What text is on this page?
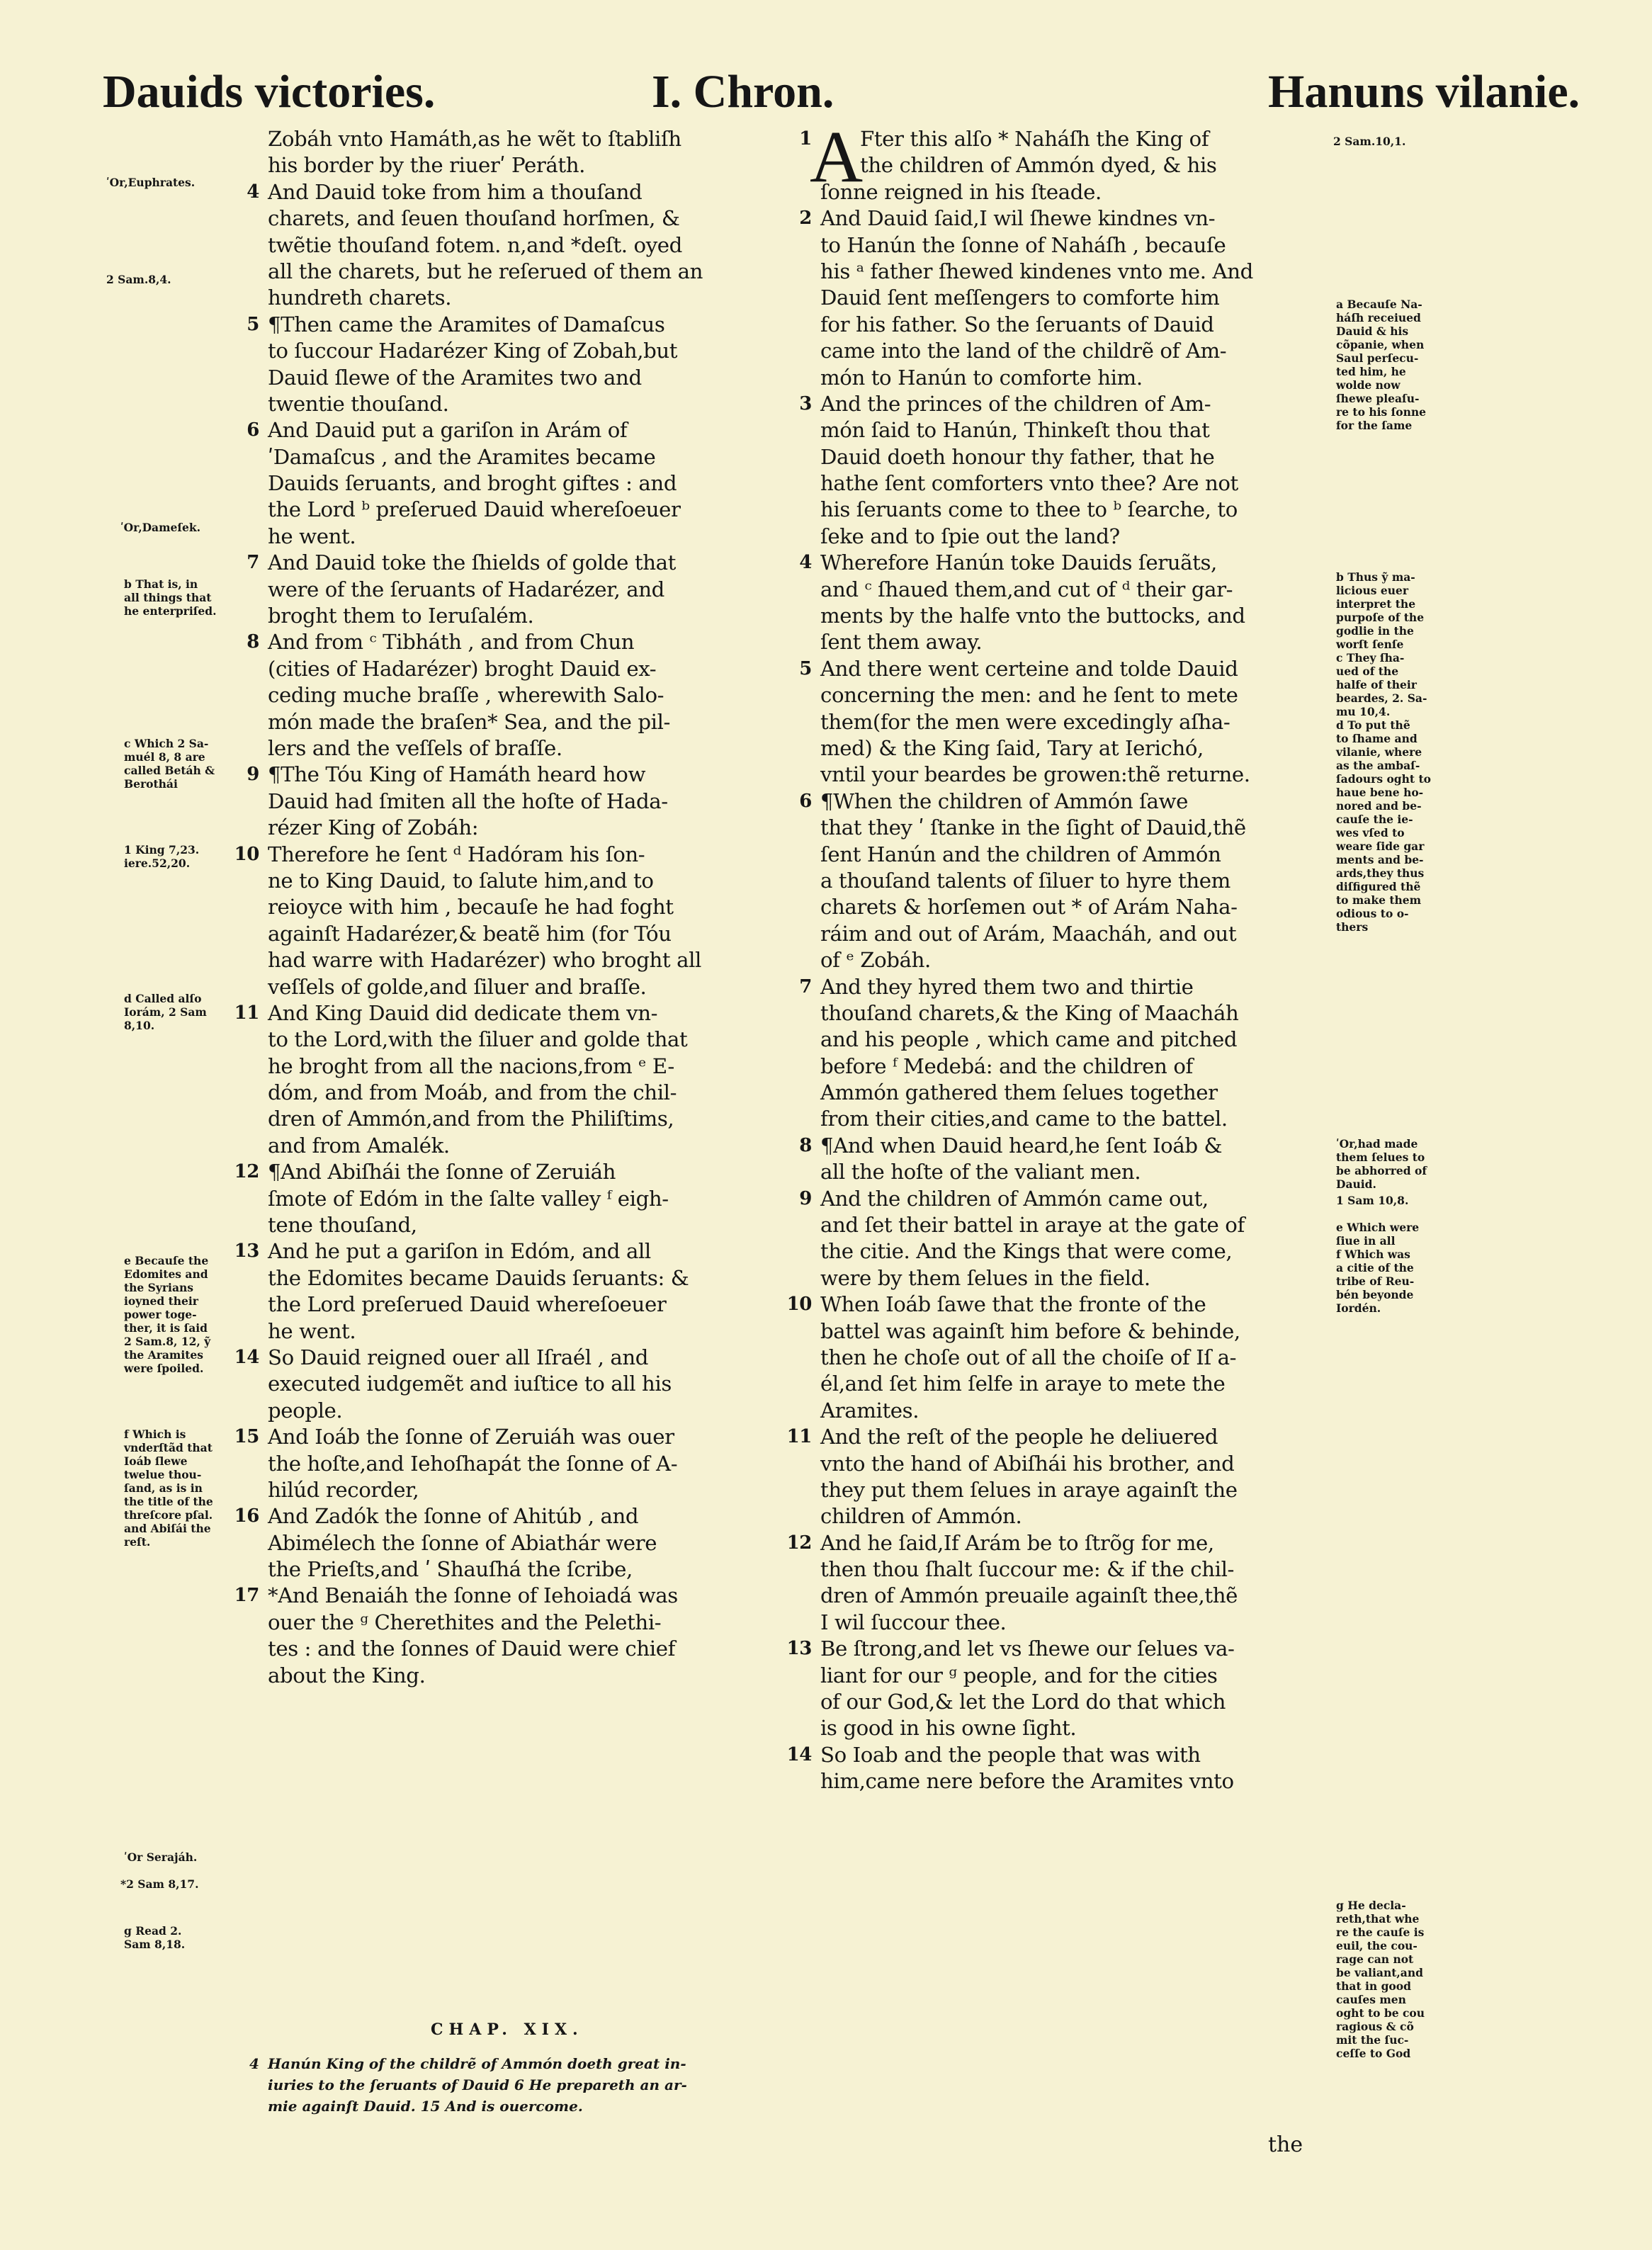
Dauids victories.	I. Chron.	Hanuns vilanie.
Zobáh vnto Hamáth,as he wẽt to ſtabliſh
his border by the riuerʹ Peráth.
4 And Dauid toke from him a thouſand
charets, and ſeuen thouſand horſmen, &
twẽtie thouſand fotem. n,and *deſt. oyed
all the charets, but he reſerued of them an
hundreth charets.
5 ¶Then came the Aramites of Damaſcus
to ſuccour Hadarézer King of Zobah,but
Dauid ſlewe of the Aramites two and
twentie thouſand.
6 And Dauid put a gariſon in Arám of
ʹDamaſcus , and the Aramites became
Dauids ſeruants, and broght giftes : and
the Lord ᵇ preſerued Dauid whereſoeuer
he went.
7 And Dauid toke the ſhields of golde that
were of the ſeruants of Hadarézer, and
broght them to Ieruſalém.
8 And from ᶜ Tibháth , and from Chun
(cities of Hadarézer) broght Dauid ex-
ceding muche braſſe , wherewith Salo-
món made the braſen* Sea, and the pil-
lers and the veſſels of braſſe.
9 ¶The Tóu King of Hamáth heard how
Dauid had ſmiten all the hoſte of Hada-
rézer King of Zobáh:
10 Therefore he ſent ᵈ Hadóram his ſon-
ne to King Dauid, to ſalute him,and to
reioyce with him , becauſe he had foght
againſt Hadarézer,& beatẽ him (for Tóu
had warre with Hadarézer) who broght all
veſſels of golde,and ſiluer and braſſe.
11 And King Dauid did dedicate them vn-
to the Lord,with the ſiluer and golde that
he broght from all the nacions,from ᵉ E-
dóm, and from Moáb, and from the chil-
dren of Ammón,and from the Philiſtims,
and from Amalék.
12 ¶And Abiſhái the ſonne of Zeruiáh
ſmote of Edóm in the ſalte valley ᶠ eigh-
tene thouſand,
13 And he put a gariſon in Edóm, and all
the Edomites became Dauids ſeruants: &
the Lord preſerued Dauid whereſoeuer
he went.
14 So Dauid reigned ouer all Iſraél , and
executed iudgemẽt and iuſtice to all his
people.
15 And Ioáb the ſonne of Zeruiáh was ouer
the hoſte,and Iehoſhapát the ſonne of A-
hilúd recorder,
16 And Zadók the ſonne of Ahitúb , and
Abimélech the ſonne of Abiathár were
the Prieſts,and ʹ Shauſhá the ſcribe,
17 *And Benaiáh the ſonne of Iehoiadá was
ouer the ᵍ Cherethites and the Pelethi-
tes : and the ſonnes of Dauid were chief
about the King.
CHAP. XIX.
4 Hanún King of the childrẽ of Ammón doeth great in-
iuries to the ſeruants of Dauid 6 He prepareth an ar-
mie againſt Dauid. 15 And is ouercome.
A
1 Fter this alſo * Naháſh the King of
the children of Ammón dyed, & his
ſonne reigned in his ſteade.
2 And Dauid ſaid,I wil ſhewe kindnes vn-
to Hanún the ſonne of Naháſh , becauſe
his ᵃ father ſhewed kindenes vnto me. And
Dauid ſent meſſengers to comforte him
for his father. So the ſeruants of Dauid
came into the land of the childrẽ of Am-
món to Hanún to comforte him.
3 And the princes of the children of Am-
món ſaid to Hanún, Thinkeſt thou that
Dauid doeth honour thy father, that he
hathe ſent comforters vnto thee? Are not
his ſeruants come to thee to ᵇ ſearche, to
ſeke and to ſpie out the land?
4 Wherefore Hanún toke Dauids ſeruãts,
and ᶜ ſhaued them,and cut of ᵈ their gar-
ments by the halfe vnto the buttocks, and
ſent them away.
5 And there went certeine and tolde Dauid
concerning the men: and he ſent to mete
them(for the men were excedingly aſha-
med) & the King ſaid, Tary at Ierichó,
vntil your beardes be growen:thẽ returne.
6 ¶When the children of Ammón ſawe
that they ʹ ſtanke in the ſight of Dauid,thẽ
ſent Hanún and the children of Ammón
a thouſand talents of ſiluer to hyre them
charets & horſemen out * of Arám Naha-
ráim and out of Arám, Maacháh, and out
of ᵉ Zobáh.
7 And they hyred them two and thirtie
thouſand charets,& the King of Maacháh
and his people , which came and pitched
before ᶠ Medebá: and the children of
Ammón gathered them ſelues together
from their cities,and came to the battel.
8 ¶And when Dauid heard,he ſent Ioáb &
all the hoſte of the valiant men.
9 And the children of Ammón came out,
and ſet their battel in araye at the gate of
the citie. And the Kings that were come,
were by them ſelues in the field.
10 When Ioáb ſawe that the fronte of the
battel was againſt him before & behinde,
then he choſe out of all the choiſe of Iſ a-
él,and ſet him ſelfe in araye to mete the
Aramites.
11 And the reſt of the people he deliuered
vnto the hand of Abiſhái his brother, and
they put them ſelues in araye againſt the
children of Ammón.
12 And he ſaid,If Arám be to ſtrõg for me,
then thou ſhalt ſuccour me: & if the chil-
dren of Ammón preuaile againſt thee,thẽ
I wil ſuccour thee.
13 Be ſtrong,and let vs ſhewe our ſelues va-
liant for our ᵍ people, and for the cities
of our God,& let the Lord do that which
is good in his owne ſight.
14 So Ioab and the people that was with
him,came nere before the Aramites vnto
the
ʹOr,Euphrates.
2 Sam.8,4.
ʹOr,Dameſek.
b That is, in
all things that
he enterpriſed.
c Which 2 Sa-
muél 8, 8 are
called Betáh &
Berothái
1 King 7,23.
iere.52,20.
d Called alſo
Iorám, 2 Sam
8,10.
e Becauſe the
Edomites and
the Syrians
ioyned their
power toge-
ther, it is ſaid
2 Sam.8, 12, ỹ
the Aramites
were ſpoiled.
f Which is
vnderſtãd that
Ioáb ſlewe
twelue thou-
ſand, as is in
the title of the
threſcore pſal.
and Abiſái the
reſt.
ʹOr Serajáh.
*2 Sam 8,17.
g Read 2.
Sam 8,18.
2 Sam.10,1.
a Becauſe Na-
háſh receiued
Dauid & his
cõpanie, when
Saul perſecu-
ted him, he
wolde now
ſhewe pleaſu-
re to his ſonne
for the ſame
b Thus ỹ ma-
licious euer
interpret the
purpoſe of the
godlie in the
worſt ſenſe
c They ſha-
ued of the
halfe of their
beardes, 2. Sa-
mu 10,4.
d To put thẽ
to ſhame and
vilanie, where
as the ambaſ-
ſadours oght to
haue bene ho-
nored and be-
cauſe the ie-
wes vſed to
weare ſide gar
ments and be-
ards,they thus
diſfigured thẽ
to make them
odious to o-
thers
ʹOr,had made
them ſelues to
be abhorred of
Dauid.
1 Sam 10,8.
e Which were
ſiue in all
f Which was
a citie of the
tribe of Reu-
bén beyonde
Iordén.
g He decla-
reth,that whe
re the cauſe is
euil, the cou-
rage can not
be valiant,and
that in good
cauſes men
oght to be cou
ragious & cõ
mit the ſuc-
ceſſe to God
